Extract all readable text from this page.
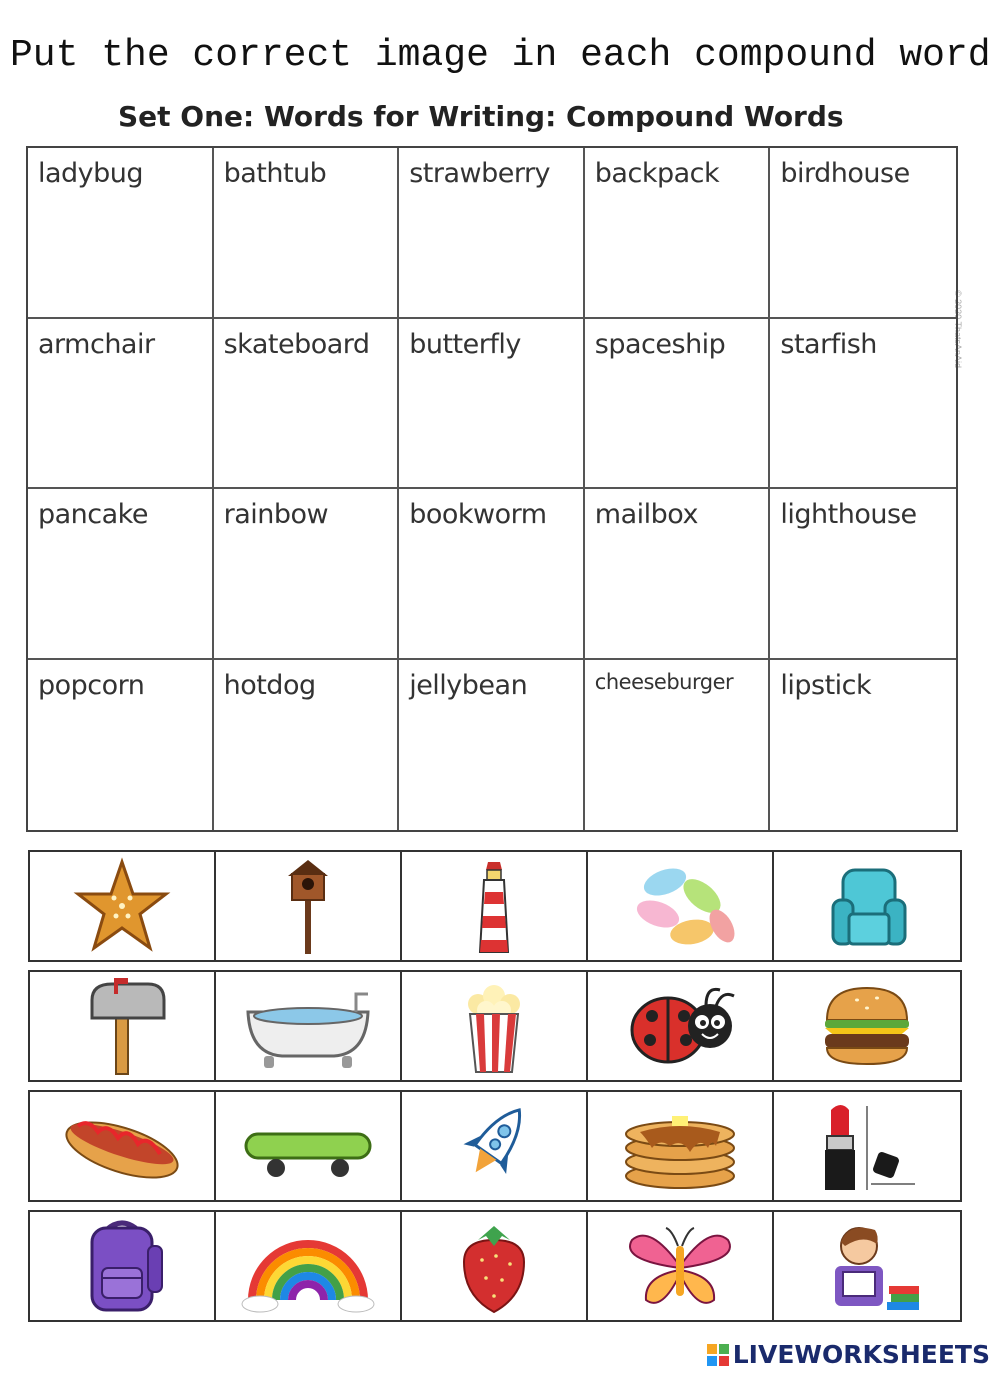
Put the correct image in each compound word
Set One: Words for Writing: Compound Words
© 2020 ThatsAnAid
ladybug	bathtub	strawberry	backpack	birdhouse
armchair	skateboard	butterfly	spaceship	starfish
pancake	rainbow	bookworm	mailbox	lighthouse
popcorn	hotdog	jellybean	cheeseburger	lipstick
LIVEWORKSHEETS
